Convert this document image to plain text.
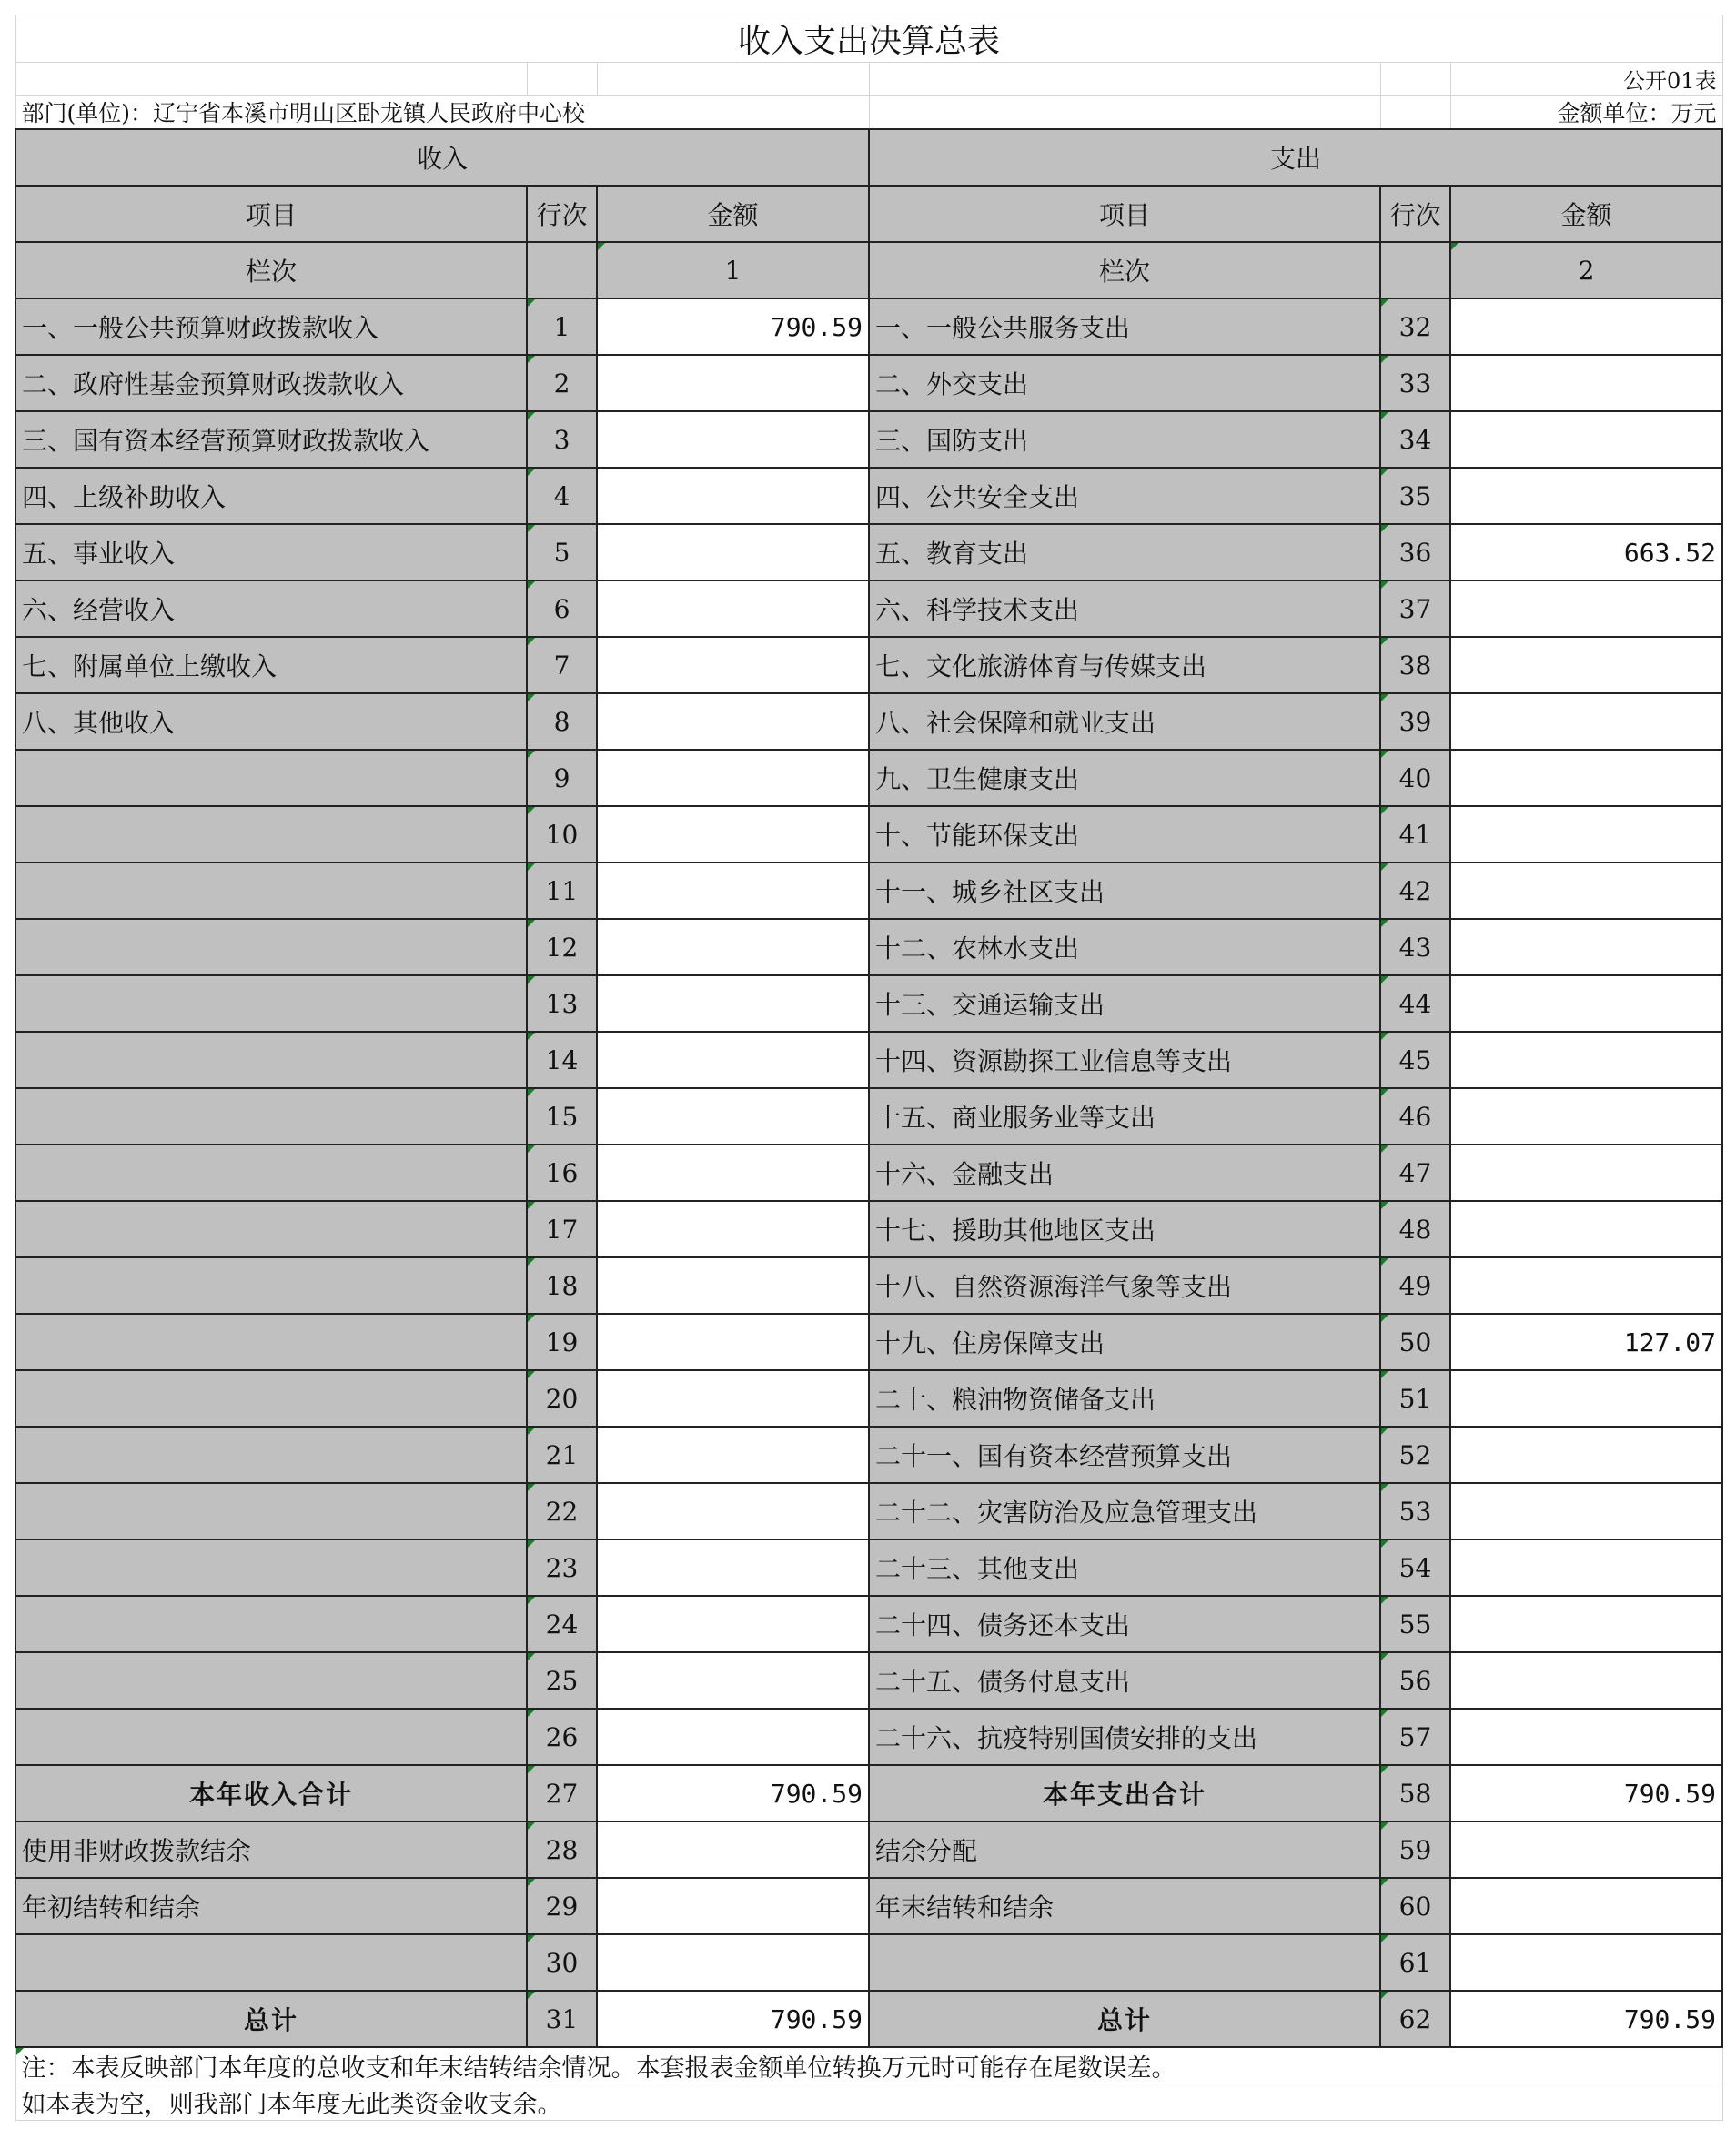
收入支出决算总表					
					公开01表
部门(单位)：辽宁省本溪市明山区卧龙镇人民政府中心校					金额单位：万元
收入			支出		
项目	行次	金额	项目	行次	金额
栏次		1	栏次		2
一、一般公共预算财政拨款收入	1	790.59	一、一般公共服务支出	32	
二、政府性基金预算财政拨款收入	2		二、外交支出	33	
三、国有资本经营预算财政拨款收入	3		三、国防支出	34	
四、上级补助收入	4		四、公共安全支出	35	
五、事业收入	5		五、教育支出	36	663.52
六、经营收入	6		六、科学技术支出	37	
七、附属单位上缴收入	7		七、文化旅游体育与传媒支出	38	
八、其他收入	8		八、社会保障和就业支出	39	
	9		九、卫生健康支出	40	
	10		十、节能环保支出	41	
	11		十一、城乡社区支出	42	
	12		十二、农林水支出	43	
	13		十三、交通运输支出	44	
	14		十四、资源勘探工业信息等支出	45	
	15		十五、商业服务业等支出	46	
	16		十六、金融支出	47	
	17		十七、援助其他地区支出	48	
	18		十八、自然资源海洋气象等支出	49	
	19		十九、住房保障支出	50	127.07
	20		二十、粮油物资储备支出	51	
	21		二十一、国有资本经营预算支出	52	
	22		二十二、灾害防治及应急管理支出	53	
	23		二十三、其他支出	54	
	24		二十四、债务还本支出	55	
	25		二十五、债务付息支出	56	
	26		二十六、抗疫特别国债安排的支出	57	
本年收入合计	27	790.59	本年支出合计	58	790.59
使用非财政拨款结余	28		结余分配	59	
年初结转和结余	29		年末结转和结余	60	
	30			61	
总计	31	790.59	总计	62	790.59
注：本表反映部门本年度的总收支和年末结转结余情况。本套报表金额单位转换万元时可能存在尾数误差。					
如本表为空，则我部门本年度无此类资金收支余。					
